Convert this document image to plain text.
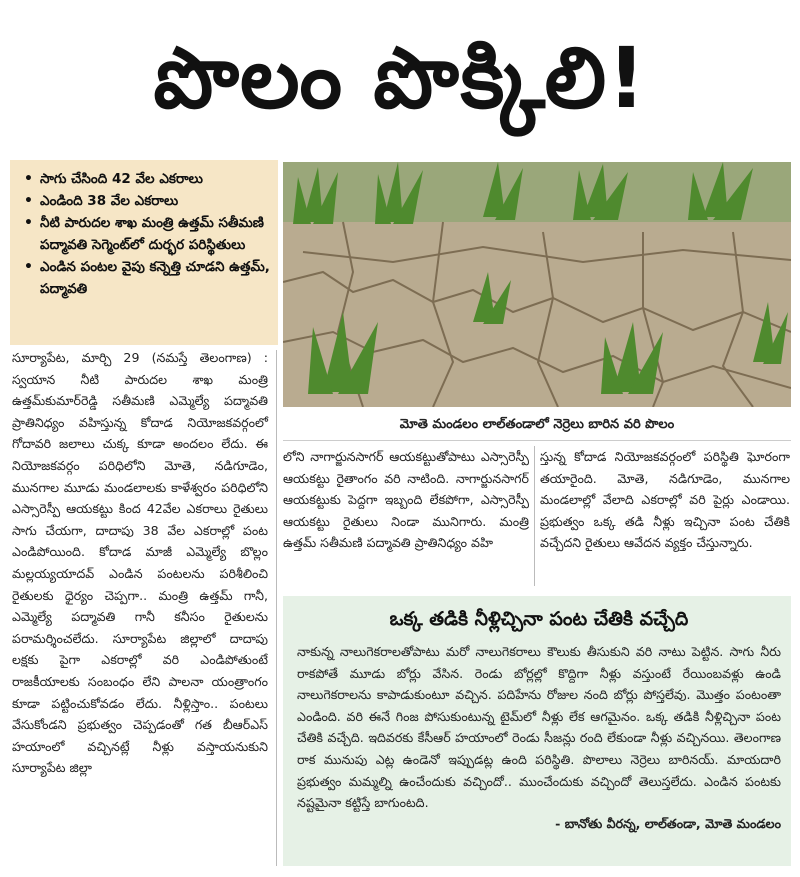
పొలం పొక్కిలి!
• సాగు చేసింది 42 వేల ఎకరాలు
• ఎండింది 38 వేల ఎకరాలు
• నీటి పారుదల శాఖ మంత్రి ఉత్తమ్ సతీమణి పద్మావతి సెగ్మెంట్‌లో దుర్భర పరిస్థితులు
• ఎండిన పంటల వైపు కన్నెత్తి చూడని ఉత్తమ్, పద్మావతి
మోతె మండలం లాల్‌తండాలో నెర్రెలు బారిన వరి పొలం

సూర్యాపేట, మార్చి 29 (నమస్తే తెలంగాణ) : స్వయాన నీటి పారుదల శాఖ మంత్రి ఉత్తమ్‌కుమార్‌రెడ్డి సతీమణి ఎమ్మెల్యే పద్మావతి ప్రాతినిధ్యం వహిస్తున్న కోదాడ నియోజకవర్గంలో గోదావరి జలాలు చుక్క కూడా అందలం లేదు. ఈ నియోజకవర్గం పరిధిలోని మోతె, నడిగూడెం, మునగాల మూడు మండలాలకు కాళేశ్వరం పరిధిలోని ఎస్సారెస్పీ ఆయకట్టు కింద 42వేల ఎకరాలు రైతులు సాగు చేయగా, దాదాపు 38 వేల ఎకరాల్లో పంట ఎండిపోయింది. కోదాడ మాజీ ఎమ్మెల్యే బొల్లం మల్లయ్యయాదవ్ ఎండిన పంటలను పరిశీలించి రైతులకు ధైర్యం చెప్పగా.. మంత్రి ఉత్తమ్ గానీ, ఎమ్మెల్యే పద్మావతి గానీ కనీసం రైతులను పరామర్శించలేదు. సూర్యాపేట జిల్లాలో దాదాపు లక్షకు పైగా ఎకరాల్లో వరి ఎండిపోతుంటే రాజకీయాలకు సంబంధం లేని పాలనా యంత్రాంగం కూడా పట్టించుకోవడం లేదు. నీళ్లిస్తాం.. పంటలు వేసుకోండని ప్రభుత్వం చెప్పడంతో గత బీఆర్‌ఎస్ హయాంలో వచ్చినట్లే నీళ్లు వస్తాయనుకుని సూర్యాపేట జిల్లా

లోని నాగార్జునసాగర్ ఆయకట్టుతోపాటు ఎస్సారెస్పీ ఆయకట్టు రైతాంగం వరి నాటింది. నాగార్జునసాగర్ ఆయకట్టుకు పెద్దగా ఇబ్బంది లేకపోగా, ఎస్సారెస్పీ ఆయకట్టు రైతులు నిండా మునిగారు. మంత్రి ఉత్తమ్ సతీమణి పద్మావతి ప్రాతినిధ్యం వహి

స్తున్న కోదాడ నియోజకవర్గంలో పరిస్థితి ఘోరంగా తయారైంది. మోతె, నడిగూడెం, మునగాల మండలాల్లో వేలాది ఎకరాల్లో వరి పైర్లు ఎండాయి. ప్రభుత్వం ఒక్క తడి నీళ్లు ఇచ్చినా పంట చేతికి వచ్చేదని రైతులు ఆవేదన వ్యక్తం చేస్తున్నారు.

ఒక్క తడికి నీళ్లిచ్చినా పంట చేతికి వచ్చేది

నాకున్న నాలుగెకరాలతోపాటు మరో నాలుగెకరాలు కౌలుకు తీసుకుని వరి నాటు పెట్టిన. సాగు నీరు రాకపోతే మూడు బోర్లు వేసిన. రెండు బోర్లల్లో కొద్దిగా నీళ్లు వస్తుంటే రేయింబవళ్లు ఉండి నాలుగెకరాలను కాపాడుకుంటూ వచ్చిన. పదిహేను రోజుల నంది బోర్లు పోస్తలేవు. మొత్తం పంటంతా ఎండింది. వరి ఈనే గింజ పోసుకుంటున్న టైమ్‌లో నీళ్లు లేక ఆగమైనం. ఒక్క తడికి నీళ్లిచ్చినా పంట చేతికి వచ్చేది. ఇదివరకు కేసీఆర్ హయాంలో రెండు సీజన్లు రంది లేకుండా నీళ్లు వచ్చినయి. తెలంగాణ రాక మునుపు ఎట్ల ఉండెనో ఇప్పుడట్ల ఉంది పరిస్థితి. పొలాలు నెర్రెలు బారినయ్. మాయదారి ప్రభుత్వం మమ్మల్ని ఉంచేందుకు వచ్చిందో.. ముంచేందుకు వచ్చిందో తెలుస్తలేదు. ఎండిన పంటకు నష్టమైనా కట్టిస్తే బాగుంటది.

- బానోతు వీరన్న, లాల్‌తండా, మోతె మండలం
